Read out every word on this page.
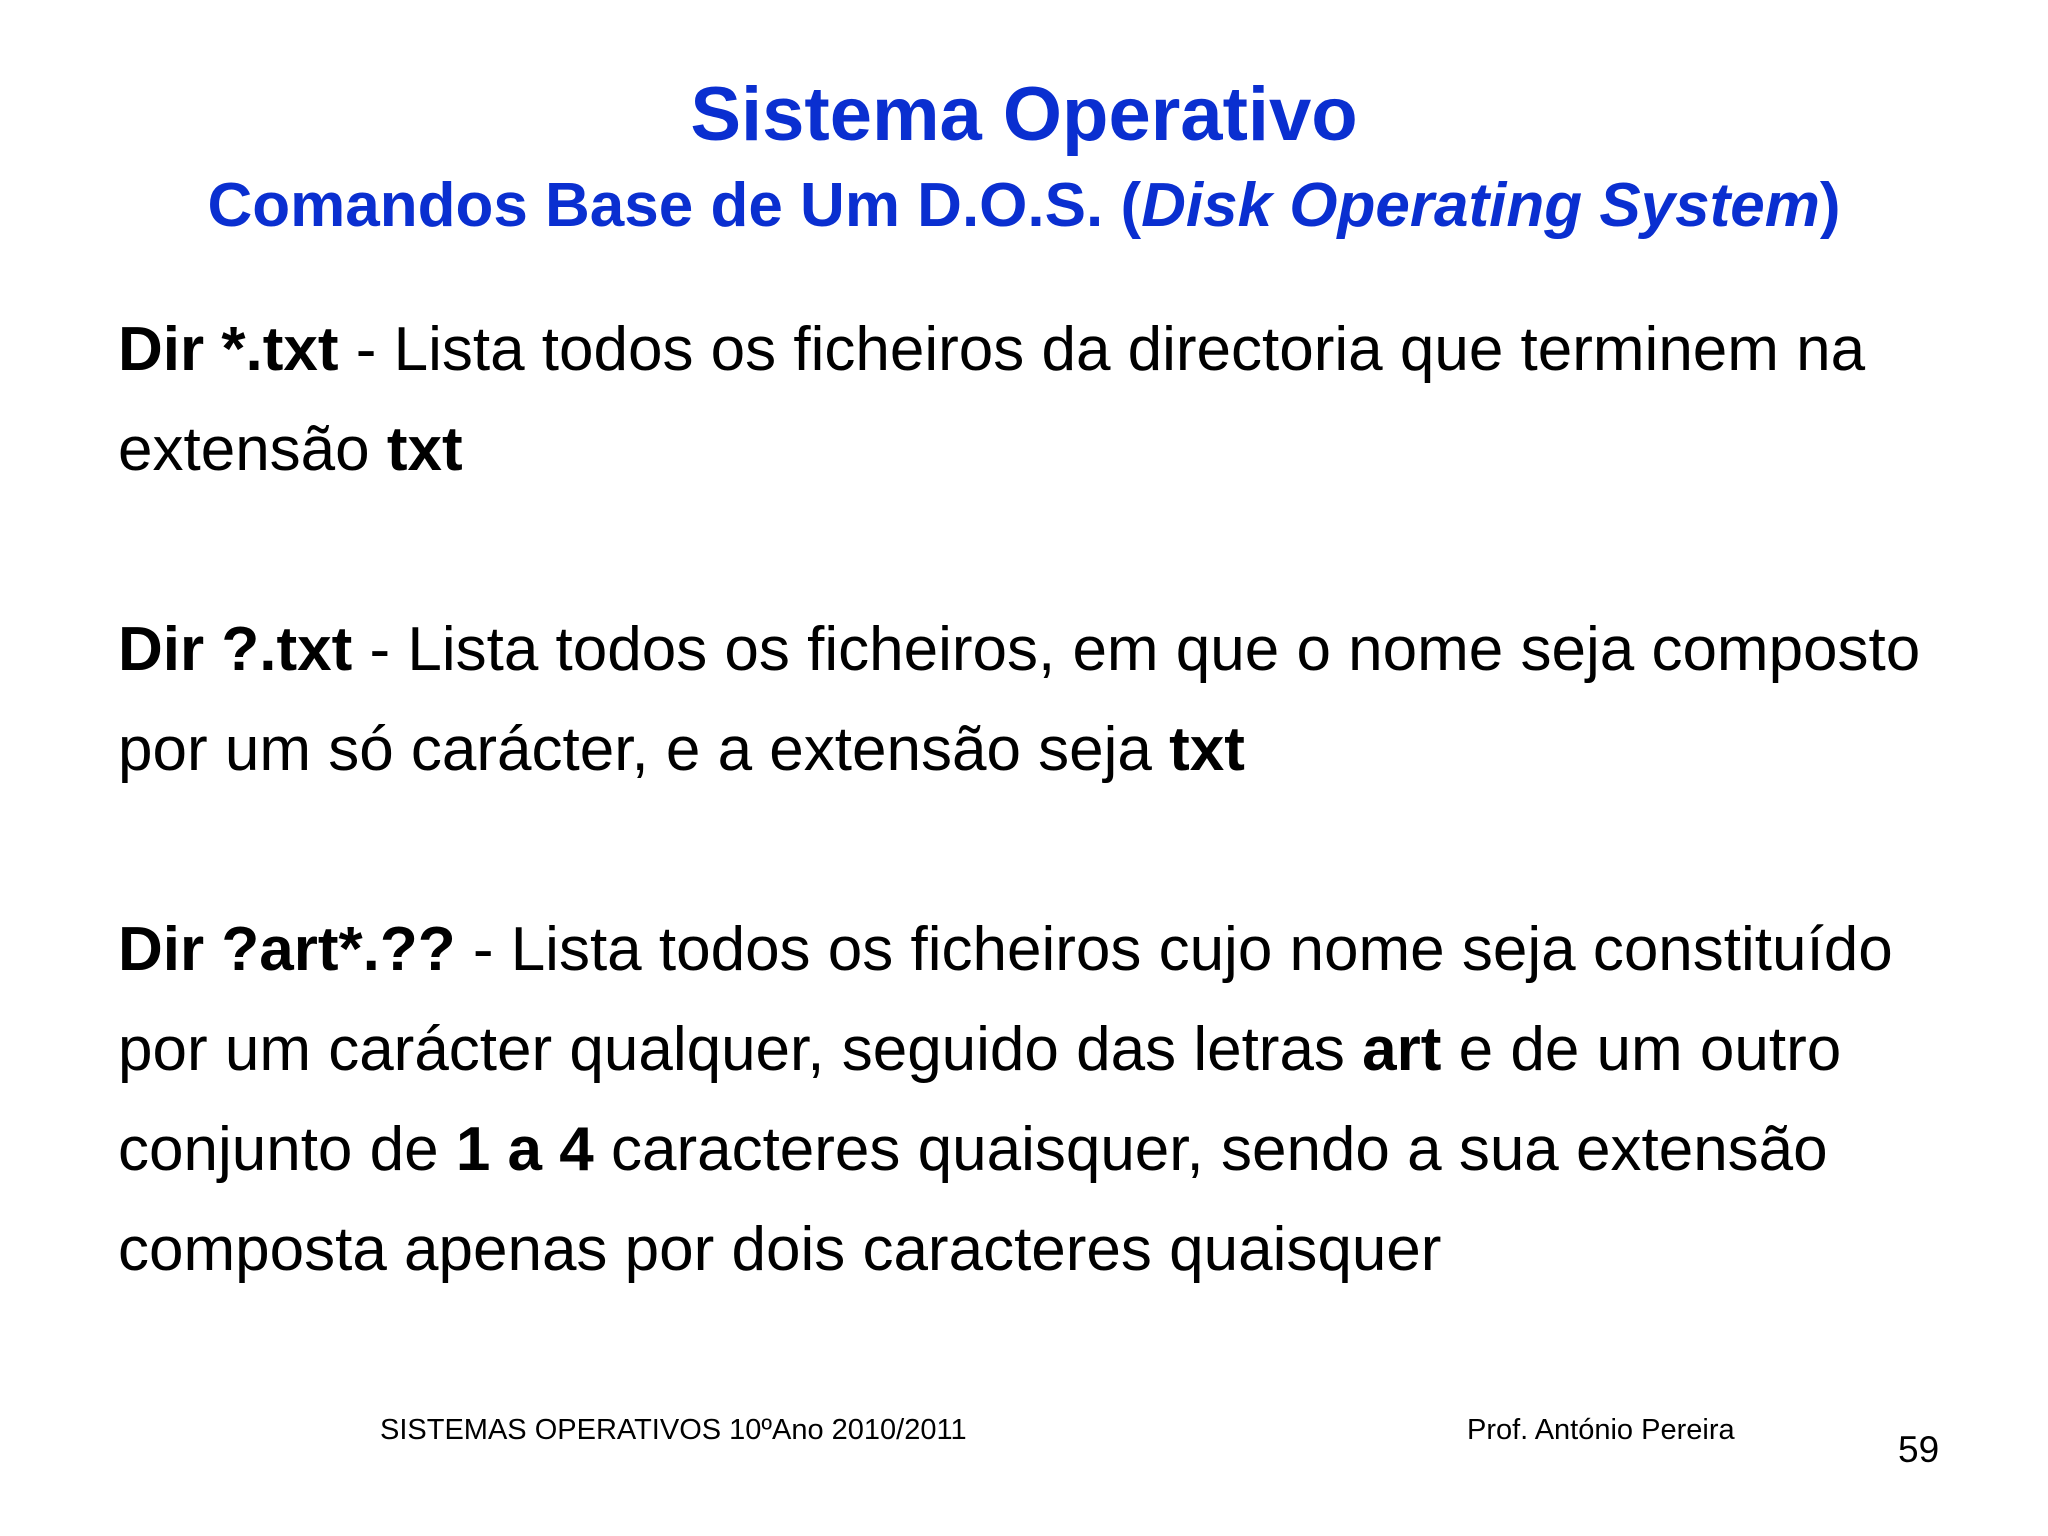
Sistema Operativo
Comandos Base de Um D.O.S. (Disk Operating System)

Dir *.txt - Lista todos os ficheiros da directoria que terminem na extensão txt

Dir ?.txt - Lista todos os ficheiros, em que o nome seja composto por um só carácter, e a extensão seja txt

Dir ?art*.?? - Lista todos os ficheiros cujo nome seja constituído por um carácter qualquer, seguido das letras art e de um outro conjunto de 1 a 4 caracteres quaisquer, sendo a sua extensão composta apenas por dois caracteres quaisquer

SISTEMAS OPERATIVOS 10ºAno 2010/2011	Prof. António Pereira	59
